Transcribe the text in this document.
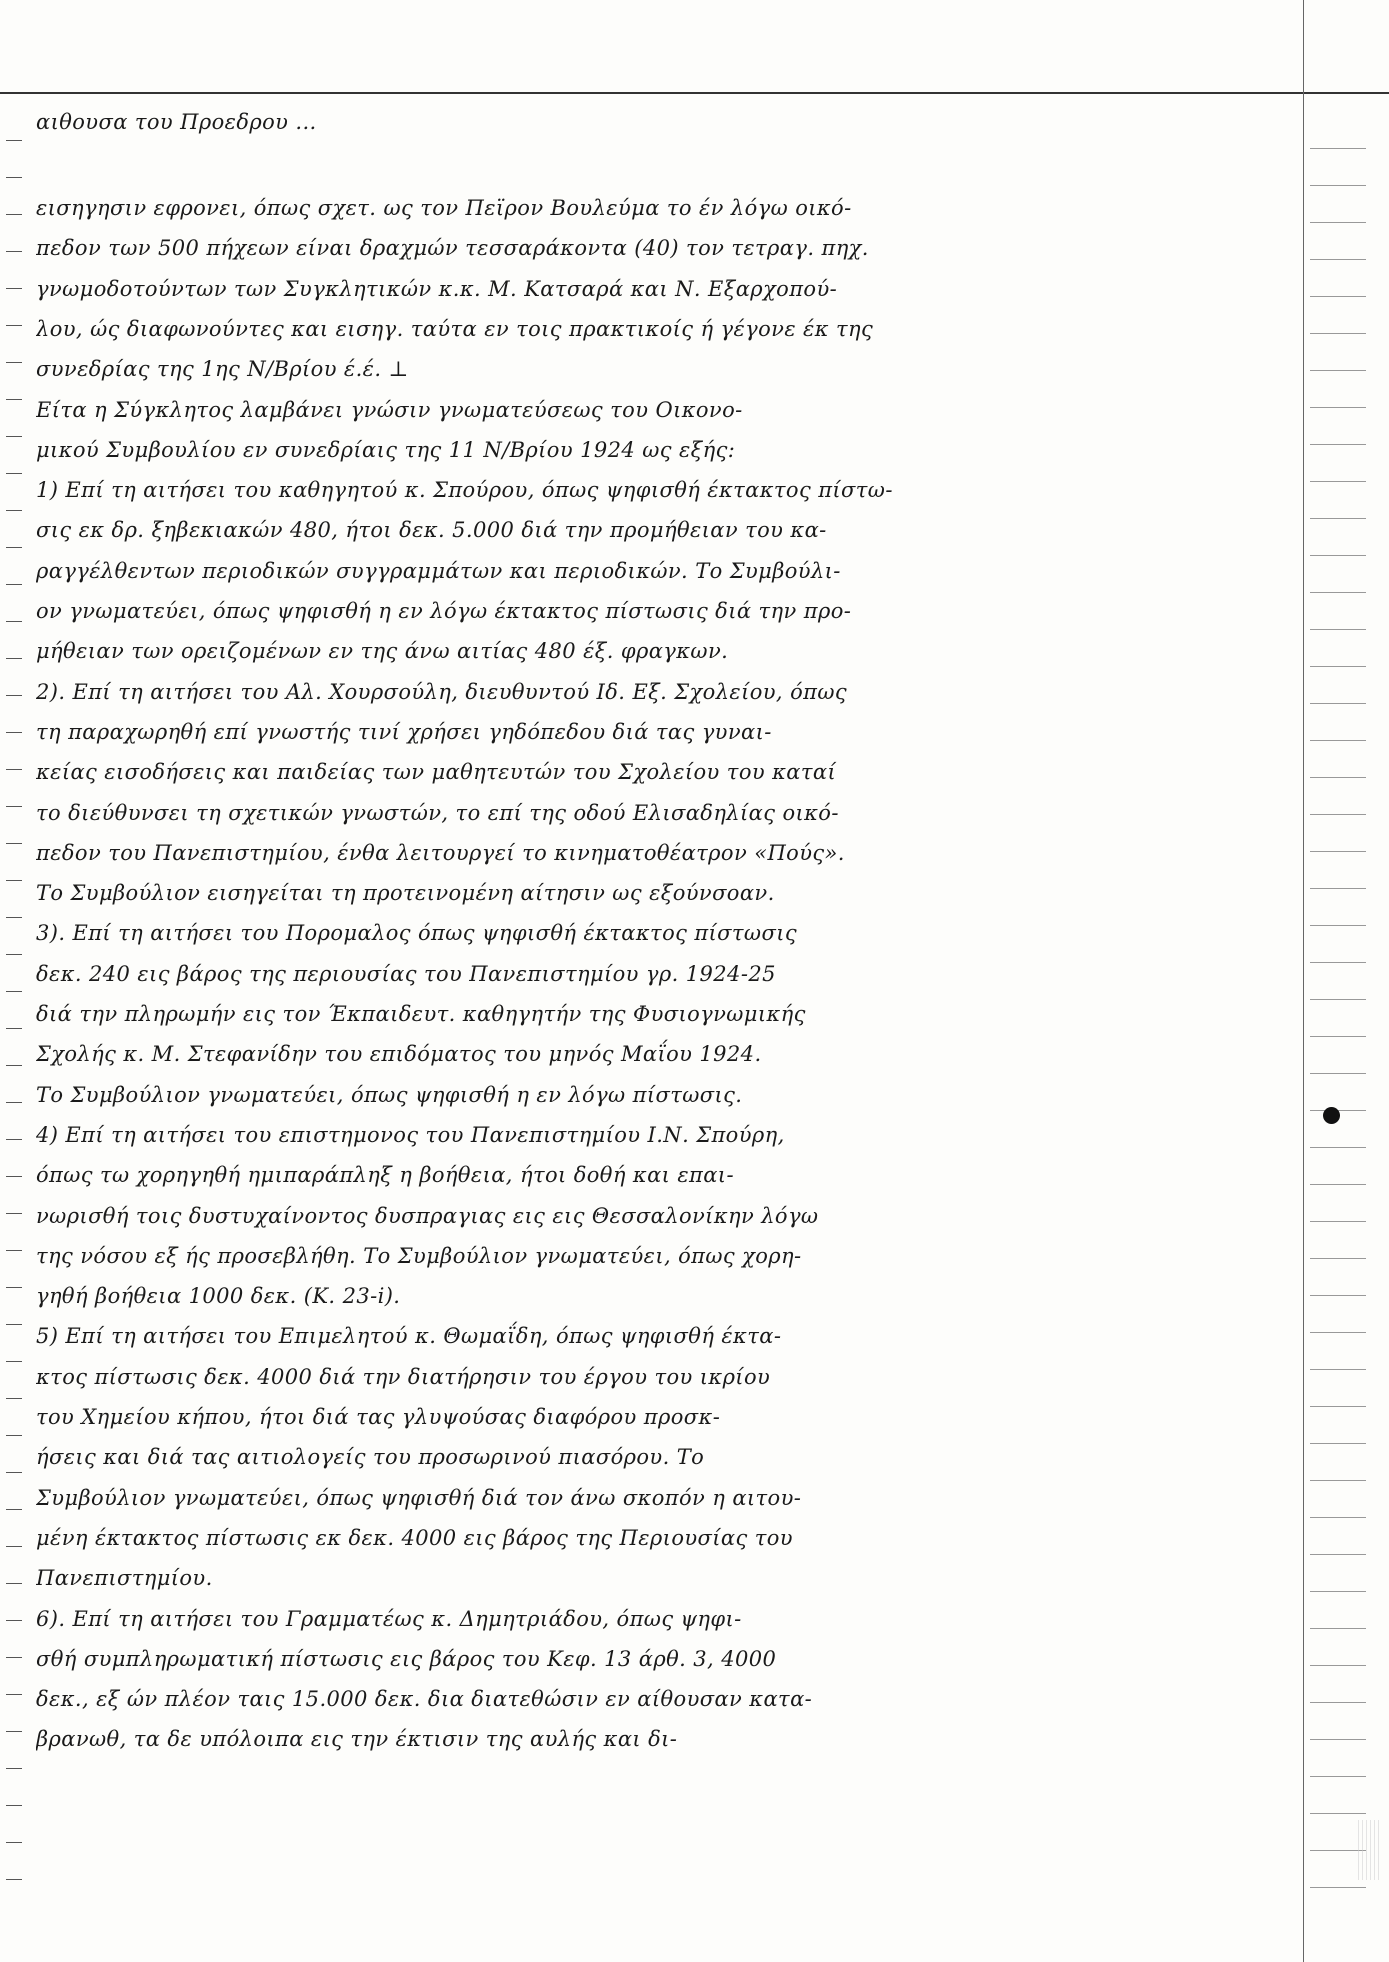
αιθουσα του Προεδρου ...
εισηγησιν εφρονει, όπως σχετ. ως τον Πεϊρον Βουλεύμα το έν λόγω οικό-
πεδον των 500 πήχεων είναι δραχμών τεσσαράκοντα (40) τον τετραγ. πηχ.
γνωμοδοτούντων των Συγκλητικών κ.κ. Μ. Κατσαρά και Ν. Εξαρχοπού-
λου, ώς διαφωνούντες και εισηγ. ταύτα εν τοις πρακτικοίς ή γέγονε έκ της
συνεδρίας της 1ης Ν/Βρίου έ.έ. ⊥
Είτα η Σύγκλητος λαμβάνει γνώσιν γνωματεύσεως του Οικονο-
μικού Συμβουλίου εν συνεδρίαις της 11 Ν/Βρίου 1924 ως εξής:
1) Επί τη αιτήσει του καθηγητού κ. Σπούρου, όπως ψηφισθή έκτακτος πίστω-
σις εκ δρ. ξηβεκιακών 480, ήτοι δεκ. 5.000 διά την προμήθειαν του κα-
ραγγέλθεντων περιοδικών συγγραμμάτων και περιοδικών. Το Συμβούλι-
ον γνωματεύει, όπως ψηφισθή η εν λόγω έκτακτος πίστωσις διά την προ-
μήθειαν των ορειζομένων εν της άνω αιτίας 480 έξ. φραγκων.
2). Επί τη αιτήσει του Αλ. Χουρσούλη, διευθυντού Ιδ. Εξ. Σχολείου, όπως
τη παραχωρηθή επί γνωστής τινί χρήσει γηδόπεδου διά τας γυναι-
κείας εισοδήσεις και παιδείας των μαθητευτών του Σχολείου του καταί
το διεύθυνσει τη σχετικών γνωστών, το επί της οδού Ελισαδηλίας οικό-
πεδον του Πανεπιστημίου, ένθα λειτουργεί το κινηματοθέατρον «Πούς».
Το Συμβούλιον εισηγείται τη προτεινομένη αίτησιν ως εξούνσοαν.
3). Επί τη αιτήσει του Πορομαλος όπως ψηφισθή έκτακτος πίστωσις
δεκ. 240 εις βάρος της περιουσίας του Πανεπιστημίου γρ. 1924-25
διά την πληρωμήν εις τον Έκπαιδευτ. καθηγητήν της Φυσιογνωμικής
Σχολής κ. Μ. Στεφανίδην του επιδόματος του μηνός Μαΐου 1924.
Το Συμβούλιον γνωματεύει, όπως ψηφισθή η εν λόγω πίστωσις.
4) Επί τη αιτήσει του επιστημονος του Πανεπιστημίου Ι.Ν. Σπούρη,
όπως τω χορηγηθή ημιπαράπληξ η βοήθεια, ήτοι δοθή και επαι-
νωρισθή τοις δυστυχαίνοντος δυσπραγιας εις εις Θεσσαλονίκην λόγω
της νόσου εξ ής προσεβλήθη. Το Συμβούλιον γνωματεύει, όπως χορη-
γηθή βοήθεια 1000 δεκ. (Κ. 23-i).
5) Επί τη αιτήσει του Επιμελητού κ. Θωμαΐδη, όπως ψηφισθή έκτα-
κτος πίστωσις δεκ. 4000 διά την διατήρησιν του έργου του ικρίου
του Χημείου κήπου, ήτοι διά τας γλυψούσας διαφόρου προσκ-
ήσεις και διά τας αιτιολογείς του προσωρινού πιασόρου. Το
Συμβούλιον γνωματεύει, όπως ψηφισθή διά τον άνω σκοπόν η αιτου-
μένη έκτακτος πίστωσις εκ δεκ. 4000 εις βάρος της Περιουσίας του
Πανεπιστημίου.
6). Επί τη αιτήσει του Γραμματέως κ. Δημητριάδου, όπως ψηφι-
σθή συμπληρωματική πίστωσις εις βάρος του Κεφ. 13 άρθ. 3, 4000
δεκ., εξ ών πλέον ταις 15.000 δεκ. δια διατεθώσιν εν αίθουσαν κατα-
βρανωθ, τα δε υπόλοιπα εις την έκτισιν της αυλής και δι-
